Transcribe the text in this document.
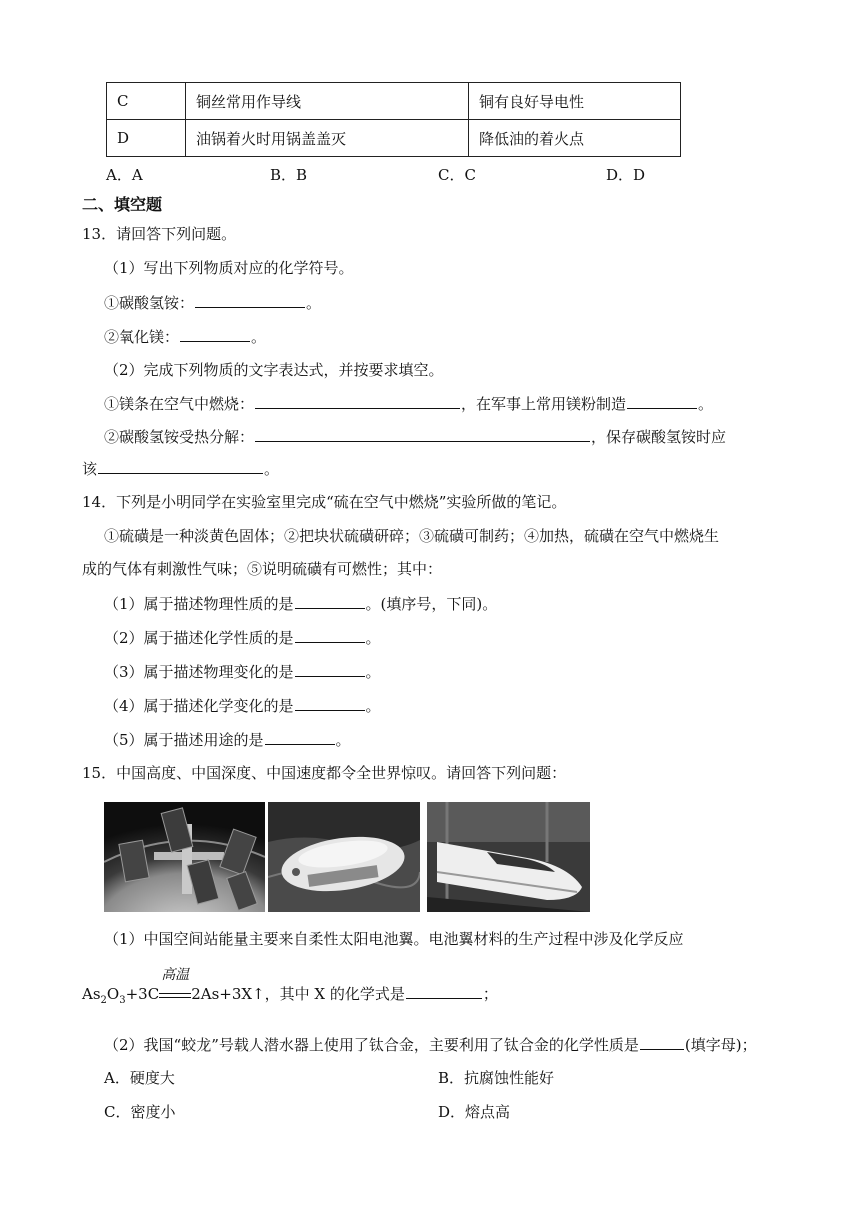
C	铜丝常用作导线	铜有良好导电性
D	油锅着火时用锅盖盖灭	降低油的着火点
A．A	B．B	C．C	D．D
二、填空题
13．请回答下列问题。
（1）写出下列物质对应的化学符号。
①碳酸氢铵：	。
②氧化镁：	。
（2）完成下列物质的文字表达式，并按要求填空。
①镁条在空气中燃烧：	，在军事上常用镁粉制造	。
②碳酸氢铵受热分解：	，保存碳酸氢铵时应
该	。
14．下列是小明同学在实验室里完成“硫在空气中燃烧”实验所做的笔记。
①硫磺是一种淡黄色固体；②把块状硫磺研碎；③硫磺可制药；④加热，硫磺在空气中燃烧生
成的气体有刺激性气味；⑤说明硫磺有可燃性；其中：
（1）属于描述物理性质的是	。(填序号，下同)。
（2）属于描述化学性质的是	。
（3）属于描述物理变化的是	。
（4）属于描述化学变化的是	。
（5）属于描述用途的是	。
15．中国高度、中国深度、中国速度都令全世界惊叹。请回答下列问题：
（1）中国空间站能量主要来自柔性太阳电池翼。电池翼材料的生产过程中涉及化学反应
$As_2O_3+3C$
高温
2As+3X↑，其中 X 的化学式是	；
（2）我国“蛟龙”号载人潜水器上使用了钛合金，主要利用了钛合金的化学性质是	(填字母)；
A．硬度大	B．抗腐蚀性能好
C．密度小	D．熔点高
